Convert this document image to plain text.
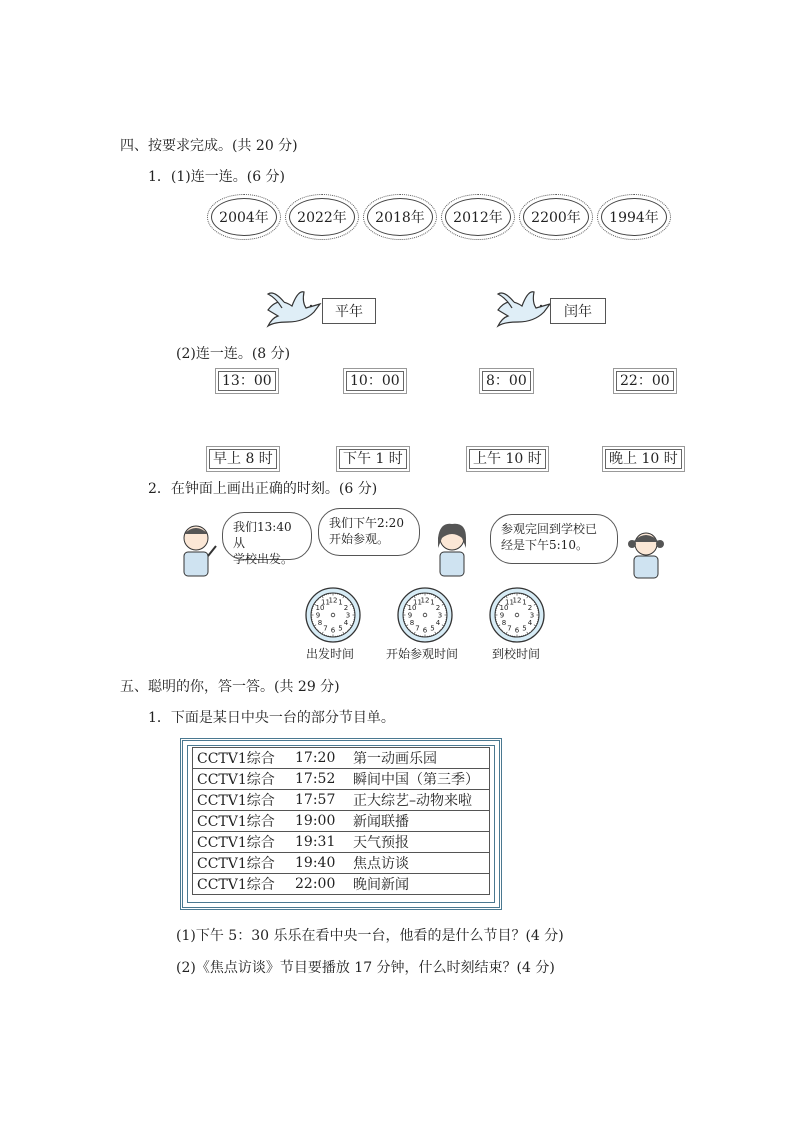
四、按要求完成。(共 20 分)
1．(1)连一连。(6 分)
2004年 2022年 2018年 2012年 2200年 1994年
平年	闰年
(2)连一连。(8 分)
13：00	10：00	8：00	22：00
早上 8 时	下午 1 时	上午 10 时	晚上 10 时
2．在钟面上画出正确的时刻。(6 分)
我们13:40从
学校出发。
我们下午2:20
开始参观。
参观完回到学校已
经是下午5:10。
12 1
2
3
4
5
6
7
8
9
10
11	12 1
2
3
4
5
6
7
8
9
10
11	12 1
2
3
4
5
6
7
8
9
10
11
出发时间	开始参观时间	到校时间
五、聪明的你，答一答。(共 29 分)
1．下面是某日中央一台的部分节目单。
CCTV1综合	17:20	第一动画乐园
CCTV1综合	17:52	瞬间中国（第三季）
CCTV1综合	17:57	正大综艺–动物来啦
CCTV1综合	19:00	新闻联播
CCTV1综合	19:31	天气预报
CCTV1综合	19:40	焦点访谈
CCTV1综合	22:00	晚间新闻
(1)下午 5：30 乐乐在看中央一台，他看的是什么节目？(4 分)
(2)《焦点访谈》节目要播放 17 分钟，什么时刻结束？(4 分)
